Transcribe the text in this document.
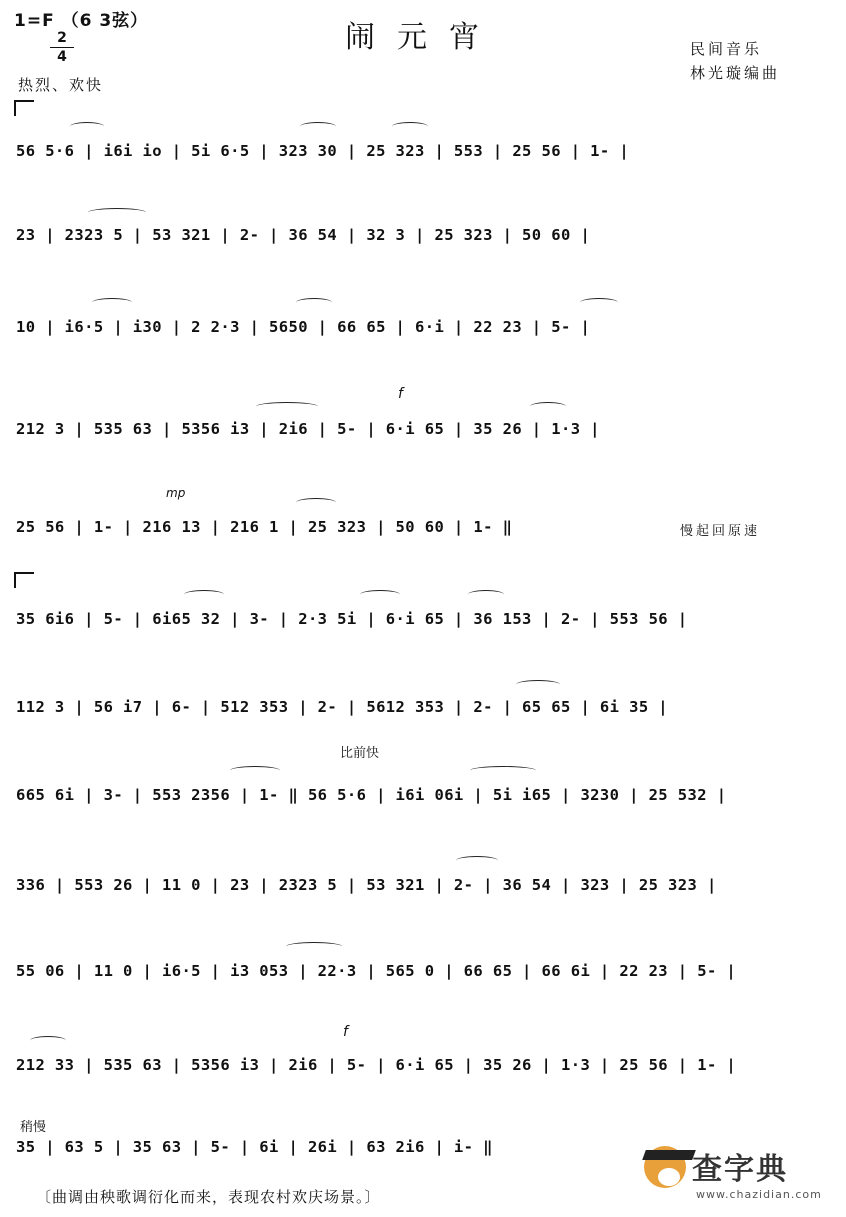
1=F （6 3弦）
2
4
热烈、欢快
闹元宵	民间音乐
林光璇编曲
f
mp
慢起回原速
比前快
f
稍慢
56 5·6 | i6i io | 5i 6·5 | 323 30 | 25 323 | 553 | 25 56 | 1- |
23 | 2323 5 | 53 321 | 2- | 36 54 | 32 3 | 25 323 | 50 60 |
10 | i6·5 | i30 | 2 2·3 | 5650 | 66 65 | 6·i | 22 23 | 5- |
212 3 | 535 63 | 5356 i3 | 2i6 | 5- | 6·i 65 | 35 26 | 1·3 |
25 56 | 1- | 216 13 | 216 1 | 25 323 | 50 60 | 1- ‖
35 6i6 | 5- | 6i65 32 | 3- | 2·3 5i | 6·i 65 | 36 153 | 2- | 553 56 |
112 3 | 56 i7 | 6- | 512 353 | 2- | 5612 353 | 2- | 65 65 | 6i 35 |
665 6i | 3- | 553 2356 | 1- ‖ 56 5·6 | i6i 06i | 5i i65 | 3230 | 25 532 |
336 | 553 26 | 11 0 | 23 | 2323 5 | 53 321 | 2- | 36 54 | 323 | 25 323 |
55 06 | 11 0 | i6·5 | i3 053 | 22·3 | 565 0 | 66 65 | 66 6i | 22 23 | 5- |
212 33 | 535 63 | 5356 i3 | 2i6 | 5- | 6·i 65 | 35 26 | 1·3 | 25 56 | 1- |
35 | 63 5 | 35 63 | 5- | 6i | 26i | 63 2i6 | i- ‖
〔曲调由秧歌调衍化而来，表现农村欢庆场景。〕
查字典
www.chazidian.com
